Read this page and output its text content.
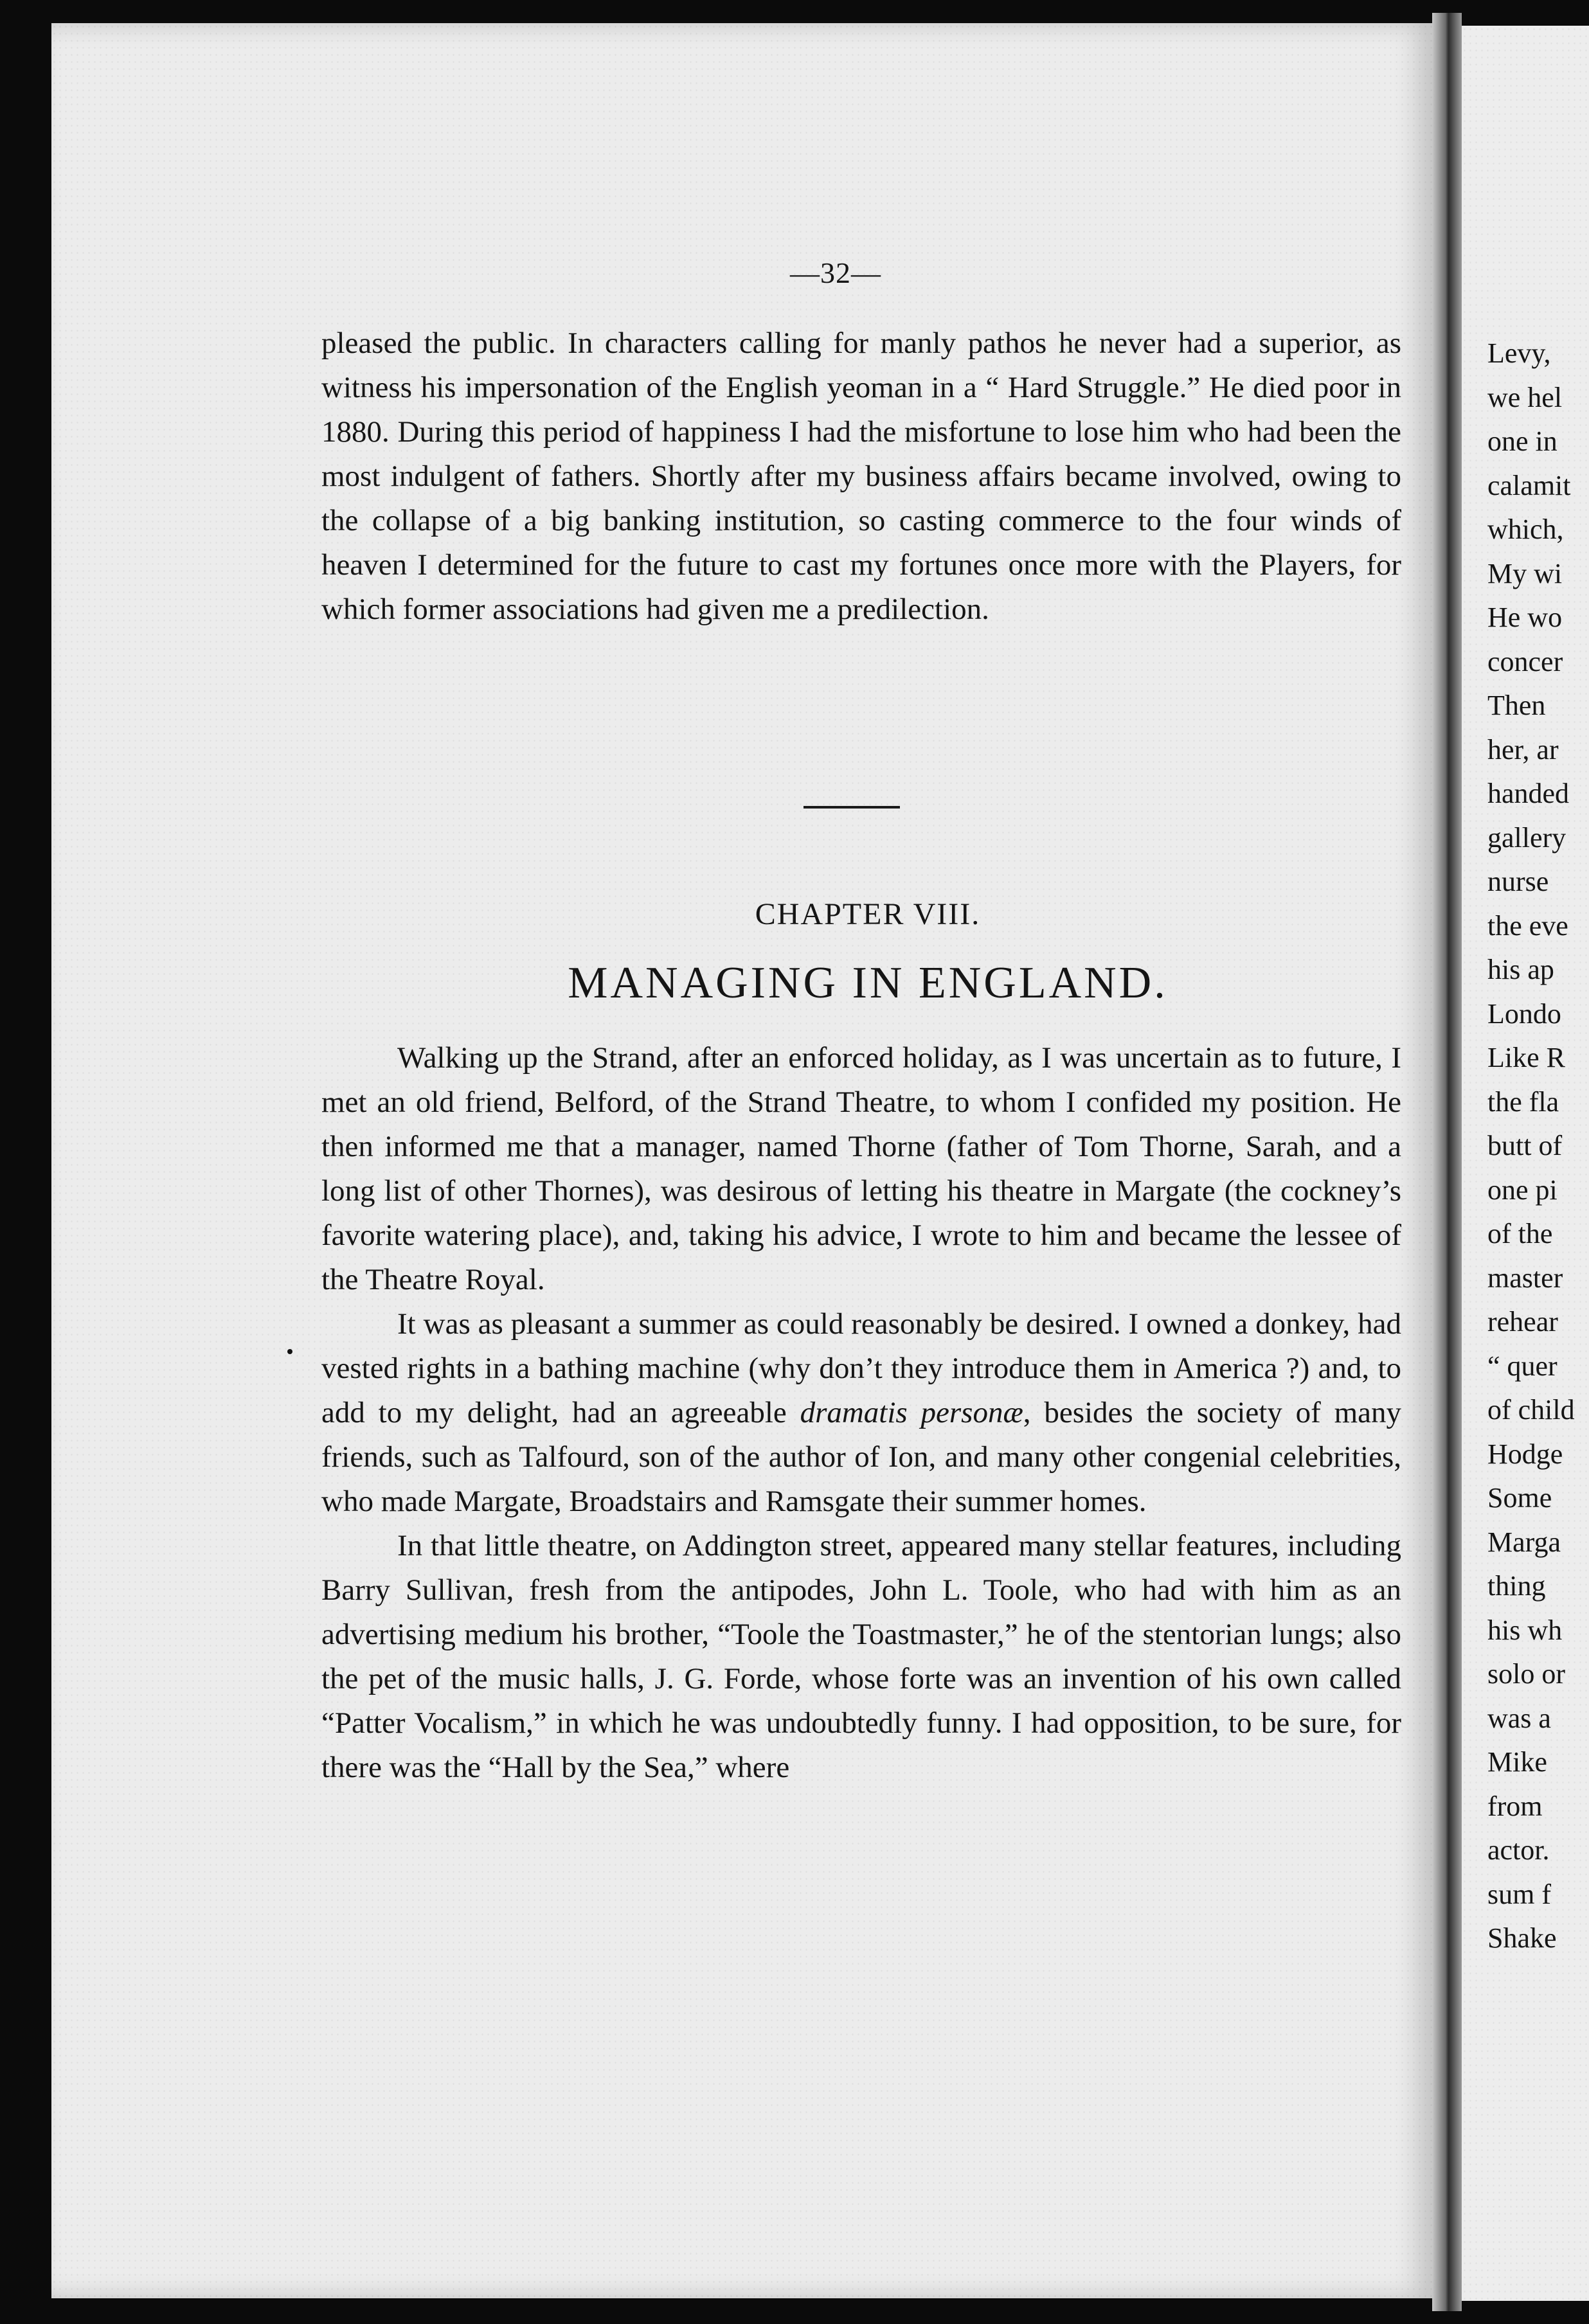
Levy,
we hel
one in
calamit
which,
My wi
He wo
concer
Then
her, ar
handed
gallery
nurse
the eve
his ap
Londo
Like R
the fla
butt of
one pi
of the
master
rehear
“ quer
of child
Hodge
Some
Marga
thing
his wh
solo or
was a
Mike
from
actor.
sum f
Shake
—32—

pleased the public. In characters calling for manly pathos he never had a superior, as witness his impersonation of the English yeoman in a “ Hard Struggle.” He died poor in 1880. During this period of happiness I had the misfortune to lose him who had been the most indulgent of fathers. Shortly after my business affairs became involved, owing to the collapse of a big banking institution, so casting commerce to the four winds of heaven I determined for the future to cast my fortunes once more with the Players, for which former associations had given me a predilection.

CHAPTER VIII.
MANAGING IN ENGLAND.

Walking up the Strand, after an enforced holiday, as I was uncertain as to future, I met an old friend, Belford, of the Strand Theatre, to whom I confided my position. He then informed me that a manager, named Thorne (father of Tom Thorne, Sarah, and a long list of other Thornes), was desirous of letting his theatre in Margate (the cockney’s favorite watering place), and, taking his advice, I wrote to him and became the lessee of the Theatre Royal.

It was as pleasant a summer as could reasonably be desired. I owned a donkey, had vested rights in a bathing machine (why don’t they introduce them in America ?) and, to add to my delight, had an agreeable dramatis personæ, besides the society of many friends, such as Talfourd, son of the author of Ion, and many other congenial celebrities, who made Margate, Broadstairs and Ramsgate their summer homes.

In that little theatre, on Addington street, appeared many stellar features, including Barry Sullivan, fresh from the antipodes, John L. Toole, who had with him as an advertising medium his brother, “Toole the Toastmaster,” he of the stentorian lungs; also the pet of the music halls, J. G. Forde, whose forte was an invention of his own called “Patter Vocalism,” in which he was undoubtedly funny. I had opposition, to be sure, for there was the “Hall by the Sea,” where
